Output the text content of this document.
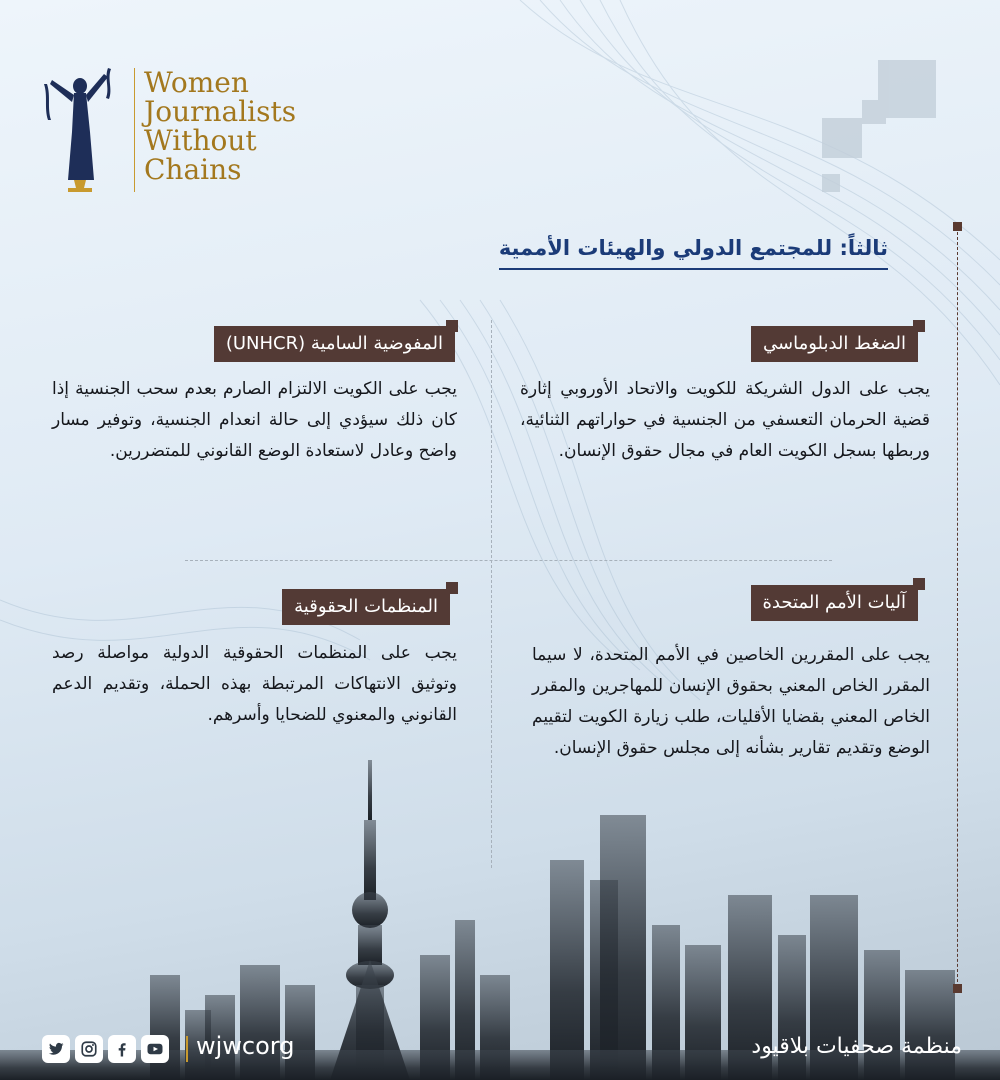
Women
Journalists
Without
Chains
ثالثاً: للمجتمع الدولي والهيئات الأممية
الضغط الدبلوماسي
يجب على الدول الشريكة للكويت والاتحاد الأوروبي إثارة قضية الحرمان التعسفي من الجنسية في حواراتهم الثنائية، وربطها بسجل الكويت العام في مجال حقوق الإنسان.
المفوضية السامية (UNHCR)
يجب على الكويت الالتزام الصارم بعدم سحب الجنسية إذا كان ذلك سيؤدي إلى حالة انعدام الجنسية، وتوفير مسار واضح وعادل لاستعادة الوضع القانوني للمتضررين.
آليات الأمم المتحدة
يجب على المقررين الخاصين في الأمم المتحدة، لا سيما المقرر الخاص المعني بحقوق الإنسان للمهاجرين والمقرر الخاص المعني بقضايا الأقليات، طلب زيارة الكويت لتقييم الوضع وتقديم تقارير بشأنه إلى مجلس حقوق الإنسان.
المنظمات الحقوقية
يجب على المنظمات الحقوقية الدولية مواصلة رصد وتوثيق الانتهاكات المرتبطة بهذه الحملة، وتقديم الدعم القانوني والمعنوي للضحايا وأسرهم.
wjwcorg	منظمة صحفيات بلاقيود
